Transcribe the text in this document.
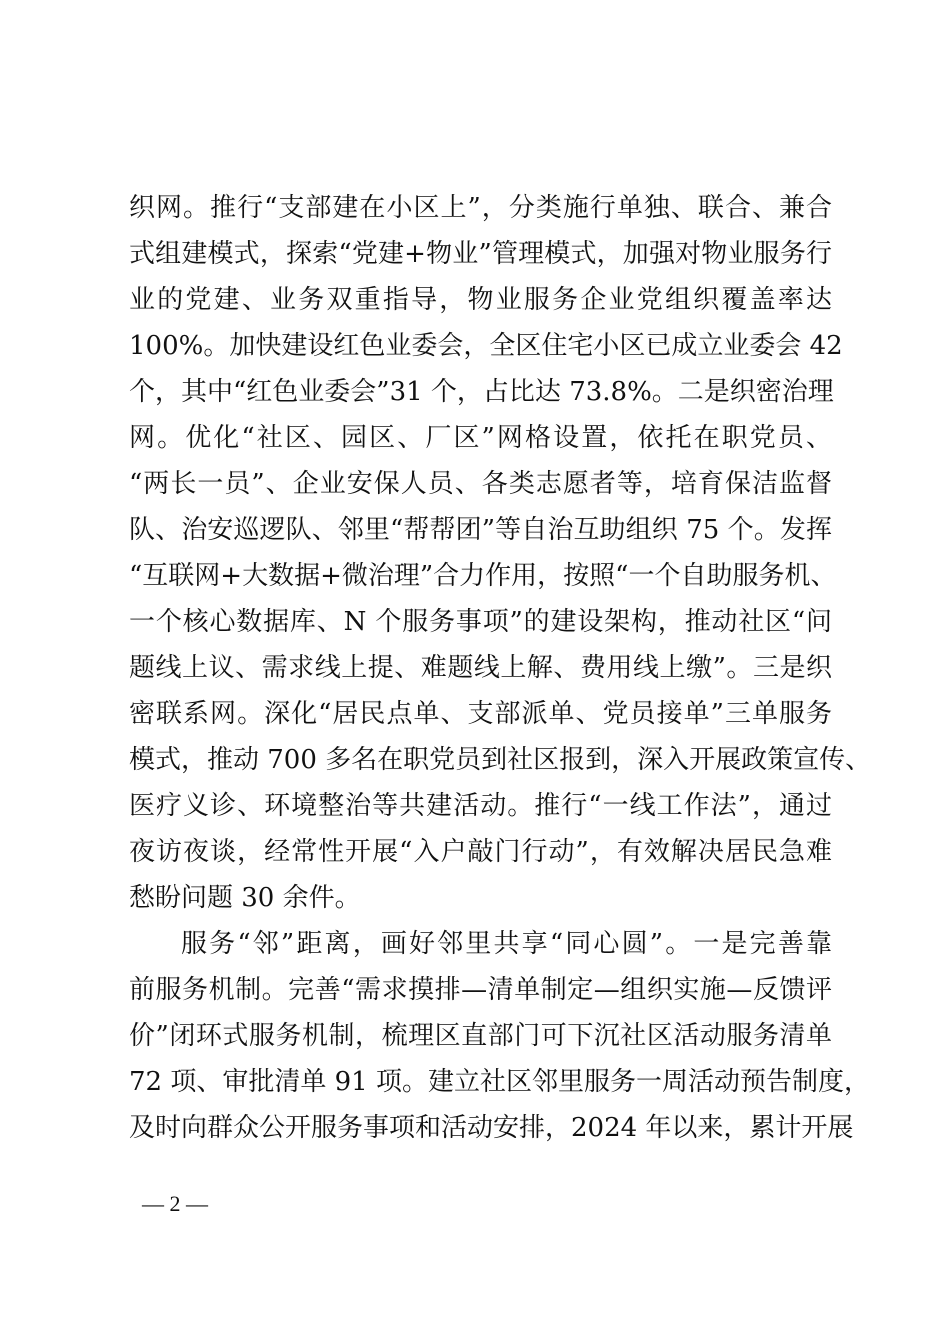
织网。推行“支部建在小区上”，分类施行单独、联合、兼合
式组建模式，探索“党建+物业”管理模式，加强对物业服务行
业的党建、业务双重指导，物业服务企业党组织覆盖率达
100%。加快建设红色业委会，全区住宅小区已成立业委会 42
个，其中“红色业委会”31 个，占比达 73.8%。二是织密治理
网。优化“社区、园区、厂区”网格设置，依托在职党员、
“两长一员”、企业安保人员、各类志愿者等，培育保洁监督
队、治安巡逻队、邻里“帮帮团”等自治互助组织 75 个。发挥
“互联网+大数据+微治理”合力作用，按照“一个自助服务机、
一个核心数据库、N 个服务事项”的建设架构，推动社区“问
题线上议、需求线上提、难题线上解、费用线上缴”。三是织
密联系网。深化“居民点单、支部派单、党员接单”三单服务
模式，推动 700 多名在职党员到社区报到，深入开展政策宣传、
医疗义诊、环境整治等共建活动。推行“一线工作法”，通过
夜访夜谈，经常性开展“入户敲门行动”，有效解决居民急难
愁盼问题 30 余件。
服务“邻”距离，画好邻里共享“同心圆”。一是完善靠
前服务机制。完善“需求摸排—清单制定—组织实施—反馈评
价”闭环式服务机制，梳理区直部门可下沉社区活动服务清单
72 项、审批清单 91 项。建立社区邻里服务一周活动预告制度，
及时向群众公开服务事项和活动安排，2024 年以来，累计开展
— 2 —
